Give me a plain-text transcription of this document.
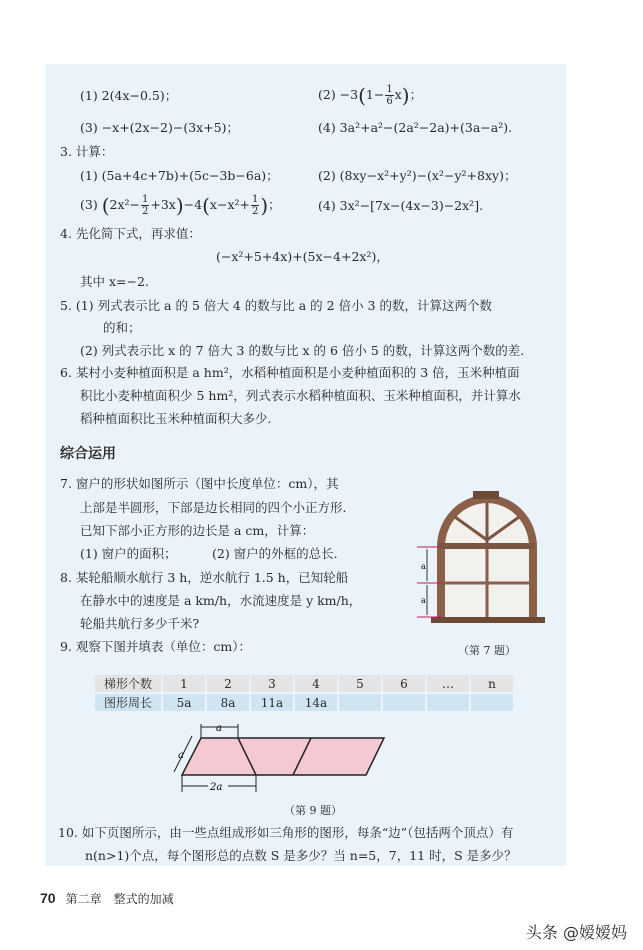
(1) 2(4x−0.5)；	$(2) -3(1- \frac{1}{6} x)$；
(3) −x+(2x−2)−(3x+5)；	(4) 3a²+a²−(2a²−2a)+(3a−a²).
3. 计算：
(1) (5a+4c+7b)+(5c−3b−6a)；	(2) (8xy−x²+y²)−(x²−y²+8xy)；
(3) $(2x^2- \frac{1}{2} +3x)-4(x-x^2+ \frac{1}{2}$ )；	(4) 3x²−[7x−(4x−3)−2x²].
4. 先化简下式，再求值：
(−x²+5+4x)+(5x−4+2x²)，
其中 x=−2.
5. (1) 列式表示比 a 的 5 倍大 4 的数与比 a 的 2 倍小 3 的数，计算这两个数
的和；
(2) 列式表示比 x 的 7 倍大 3 的数与比 x 的 6 倍小 5 的数，计算这两个数的差.
6. 某村小麦种植面积是 a hm²，水稻种植面积是小麦种植面积的 3 倍，玉米种植面
积比小麦种植面积少 5 hm²，列式表示水稻种植面积、玉米种植面积，并计算水
稻种植面积比玉米种植面积大多少.
综合运用
7. 窗户的形状如图所示（图中长度单位：cm），其
上部是半圆形，下部是边长相同的四个小正方形.
已知下部小正方形的边长是 a cm，计算：
(1) 窗户的面积；	(2) 窗户的外框的总长.
8. 某轮船顺水航行 3 h，逆水航行 1.5 h，已知轮船
在静水中的速度是 a km/h，水流速度是 y km/h，
轮船共航行多少千米?
9. 观察下图并填表（单位：cm）：
a
a
（第 7 题）
梯形个数	1	2	3	4	5	6	…	n
图形周长	5a	8a	11a	14a				
a
a
2a
（第 9 题）
10. 如下页图所示，由一些点组成形如三角形的图形，每条“边”（包括两个顶点）有
n(n>1)个点，每个图形总的点数 S 是多少？当 n=5，7，11 时，S 是多少？
70 第二章　整式的加减
头条 @嫒嫒妈
